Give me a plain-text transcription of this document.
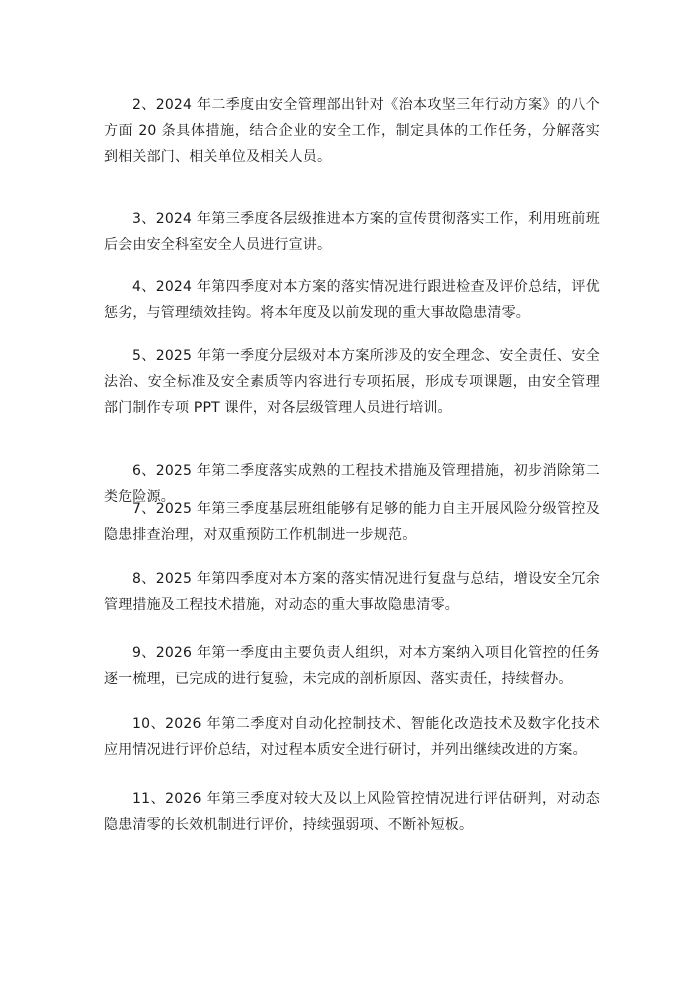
2、2024 年二季度由安全管理部出针对《治本攻坚三年行动方案》的八个方面 20 条具体措施，结合企业的安全工作，制定具体的工作任务，分解落实到相关部门、相关单位及相关人员。

3、2024 年第三季度各层级推进本方案的宣传贯彻落实工作，利用班前班后会由安全科室安全人员进行宣讲。

4、2024 年第四季度对本方案的落实情况进行跟进检查及评价总结，评优惩劣，与管理绩效挂钩。将本年度及以前发现的重大事故隐患清零。

5、2025 年第一季度分层级对本方案所涉及的安全理念、安全责任、安全法治、安全标准及安全素质等内容进行专项拓展，形成专项课题，由安全管理部门制作专项 PPT 课件，对各层级管理人员进行培训。

6、2025 年第二季度落实成熟的工程技术措施及管理措施，初步消除第二类危险源。

7、2025 年第三季度基层班组能够有足够的能力自主开展风险分级管控及隐患排查治理，对双重预防工作机制进一步规范。

8、2025 年第四季度对本方案的落实情况进行复盘与总结，增设安全冗余管理措施及工程技术措施，对动态的重大事故隐患清零。

9、2026 年第一季度由主要负责人组织，对本方案纳入项目化管控的任务逐一梳理，已完成的进行复验，未完成的剖析原因、落实责任，持续督办。

10、2026 年第二季度对自动化控制技术、智能化改造技术及数字化技术应用情况进行评价总结，对过程本质安全进行研讨，并列出继续改进的方案。

11、2026 年第三季度对较大及以上风险管控情况进行评估研判，对动态隐患清零的长效机制进行评价，持续强弱项、不断补短板。
